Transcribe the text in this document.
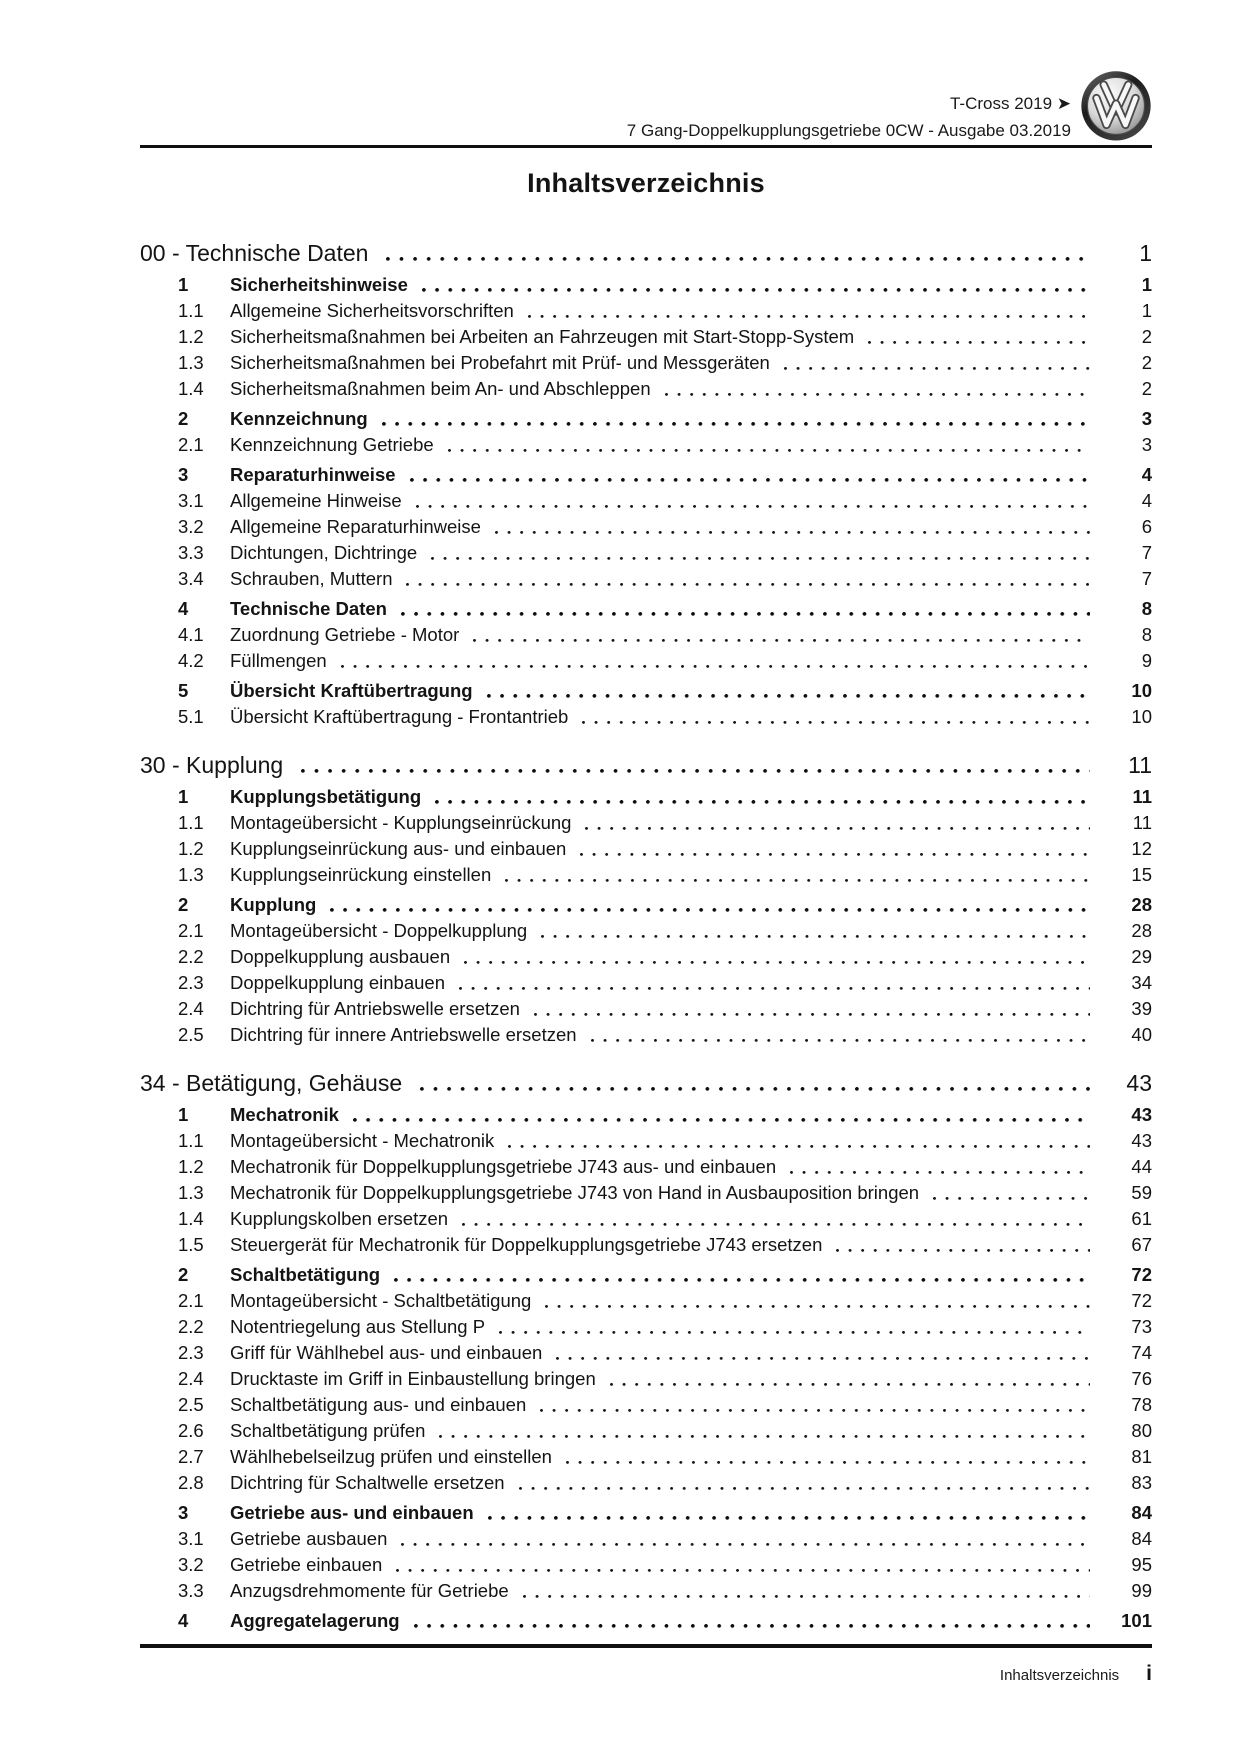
T-Cross 2019 ➤
7 Gang-Doppelkupplungsgetriebe 0CW - Ausgabe 03.2019
Inhaltsverzeichnis
00 - Technische Daten	1
1	Sicherheitshinweise	1
1.1	Allgemeine Sicherheitsvorschriften	1
1.2	Sicherheitsmaßnahmen bei Arbeiten an Fahrzeugen mit Start-Stopp-System	2
1.3	Sicherheitsmaßnahmen bei Probefahrt mit Prüf- und Messgeräten	2
1.4	Sicherheitsmaßnahmen beim An- und Abschleppen	2
2	Kennzeichnung	3
2.1	Kennzeichnung Getriebe	3
3	Reparaturhinweise	4
3.1	Allgemeine Hinweise	4
3.2	Allgemeine Reparaturhinweise	6
3.3	Dichtungen, Dichtringe	7
3.4	Schrauben, Muttern	7
4	Technische Daten	8
4.1	Zuordnung Getriebe - Motor	8
4.2	Füllmengen	9
5	Übersicht Kraftübertragung	10
5.1	Übersicht Kraftübertragung - Frontantrieb	10
30 - Kupplung	11
1	Kupplungsbetätigung	11
1.1	Montageübersicht - Kupplungseinrückung	11
1.2	Kupplungseinrückung aus- und einbauen	12
1.3	Kupplungseinrückung einstellen	15
2	Kupplung	28
2.1	Montageübersicht - Doppelkupplung	28
2.2	Doppelkupplung ausbauen	29
2.3	Doppelkupplung einbauen	34
2.4	Dichtring für Antriebswelle ersetzen	39
2.5	Dichtring für innere Antriebswelle ersetzen	40
34 - Betätigung, Gehäuse	43
1	Mechatronik	43
1.1	Montageübersicht - Mechatronik	43
1.2	Mechatronik für Doppelkupplungsgetriebe J743 aus- und einbauen	44
1.3	Mechatronik für Doppelkupplungsgetriebe J743 von Hand in Ausbauposition bringen	59
1.4	Kupplungskolben ersetzen	61
1.5	Steuergerät für Mechatronik für Doppelkupplungsgetriebe J743 ersetzen	67
2	Schaltbetätigung	72
2.1	Montageübersicht - Schaltbetätigung	72
2.2	Notentriegelung aus Stellung P	73
2.3	Griff für Wählhebel aus- und einbauen	74
2.4	Drucktaste im Griff in Einbaustellung bringen	76
2.5	Schaltbetätigung aus- und einbauen	78
2.6	Schaltbetätigung prüfen	80
2.7	Wählhebelseilzug prüfen und einstellen	81
2.8	Dichtring für Schaltwelle ersetzen	83
3	Getriebe aus- und einbauen	84
3.1	Getriebe ausbauen	84
3.2	Getriebe einbauen	95
3.3	Anzugsdrehmomente für Getriebe	99
4	Aggregatelagerung	101
Inhaltsverzeichnis i
